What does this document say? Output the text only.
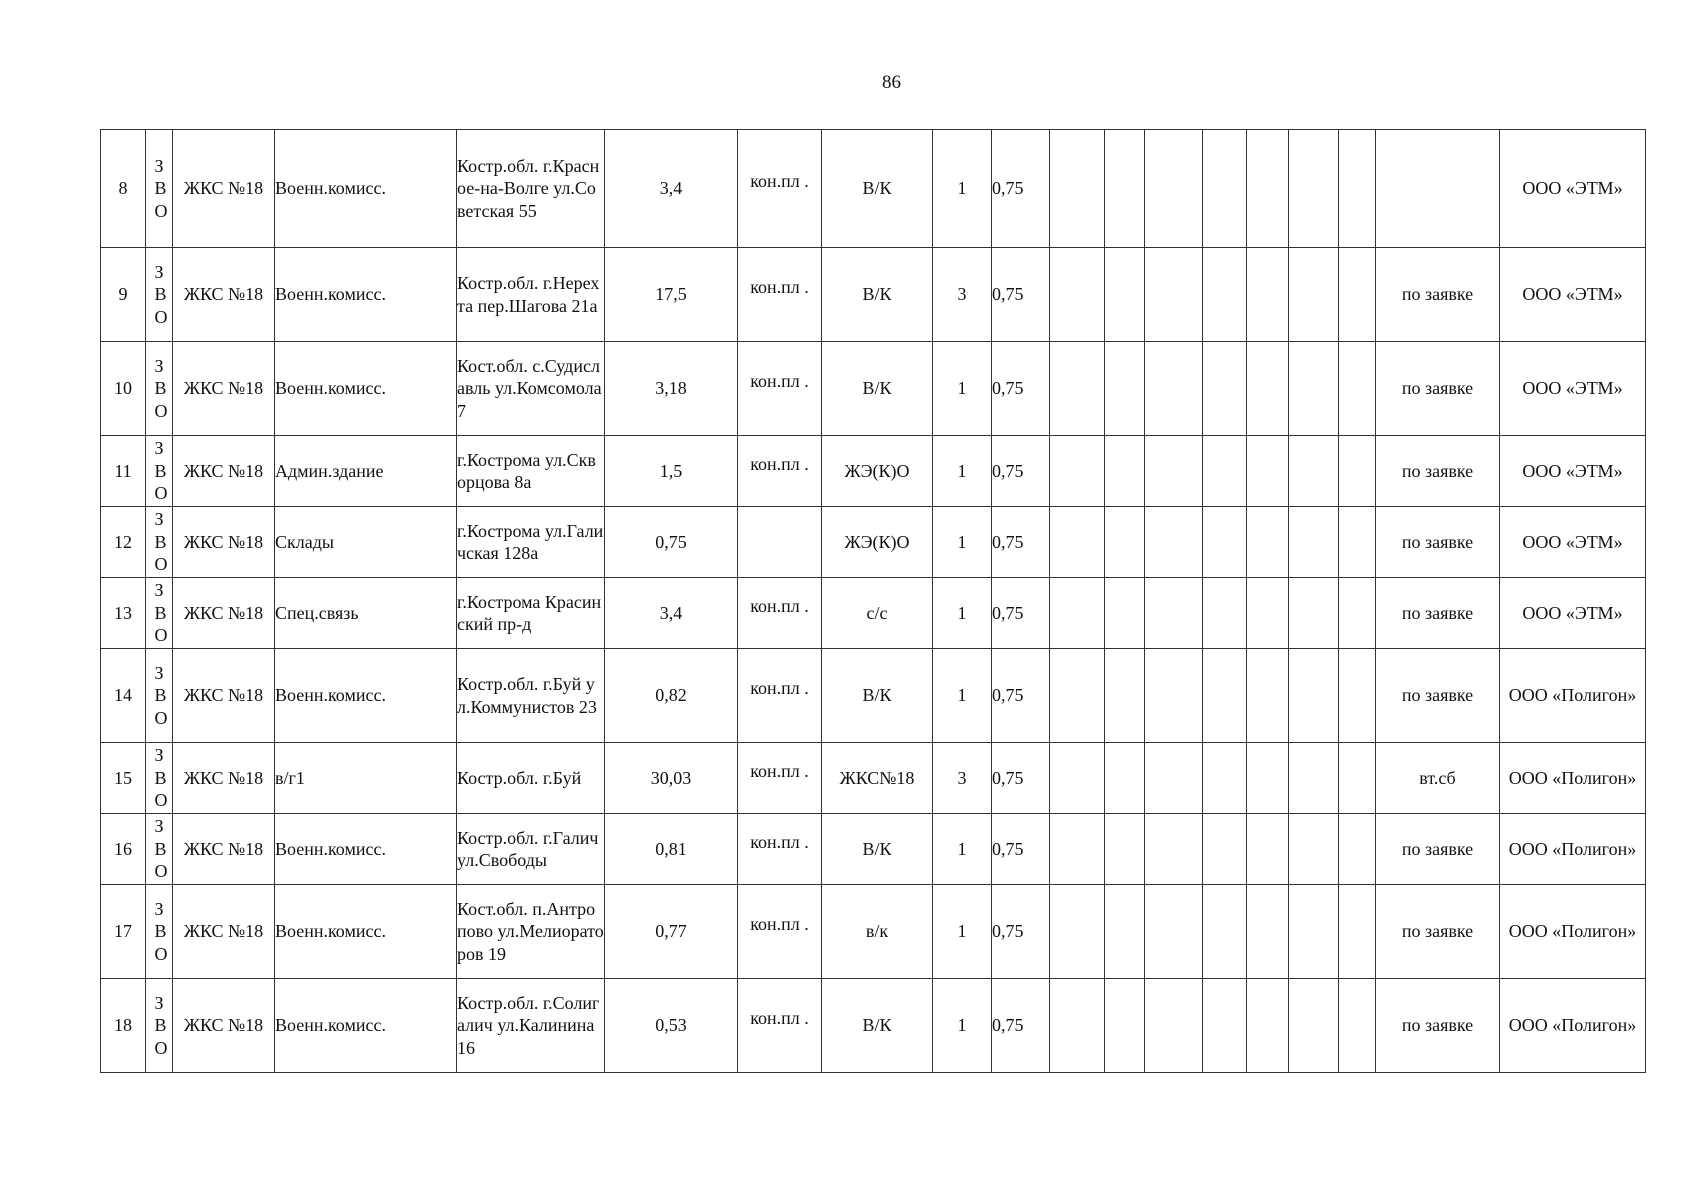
86
8	ЗВО	ЖКС №18	Военн.комисс.	Костр.обл. г.Красное-на-Волге ул.Советская 55	3,4	кон.пл .	В/К	1	0,75									ООО «ЭТМ»
9	ЗВО	ЖКС №18	Военн.комисс.	Костр.обл. г.Нерехта пер.Шагова 21а	17,5	кон.пл .	В/К	3	0,75								по заявке	ООО «ЭТМ»
10	ЗВО	ЖКС №18	Военн.комисс.	Кост.обл. с.Судиславль ул.Комсомола 7	3,18	кон.пл .	В/К	1	0,75								по заявке	ООО «ЭТМ»
11	ЗВО	ЖКС №18	Админ.здание	г.Кострома ул.Скворцова 8а	1,5	кон.пл .	ЖЭ(К)О	1	0,75								по заявке	ООО «ЭТМ»
12	ЗВО	ЖКС №18	Склады	г.Кострома ул.Галичская 128а	0,75		ЖЭ(К)О	1	0,75								по заявке	ООО «ЭТМ»
13	ЗВО	ЖКС №18	Спец.связь	г.Кострома Красинский пр-д	3,4	кон.пл .	с/с	1	0,75								по заявке	ООО «ЭТМ»
14	ЗВО	ЖКС №18	Военн.комисс.	Костр.обл. г.Буй ул.Коммунистов 23	0,82	кон.пл .	В/К	1	0,75								по заявке	ООО «Полигон»
15	ЗВО	ЖКС №18	в/г1	Костр.обл. г.Буй	30,03	кон.пл .	ЖКС№18	3	0,75								вт.сб	ООО «Полигон»
16	ЗВО	ЖКС №18	Военн.комисс.	Костр.обл. г.Галич ул.Свободы	0,81	кон.пл .	В/К	1	0,75								по заявке	ООО «Полигон»
17	ЗВО	ЖКС №18	Военн.комисс.	Кост.обл. п.Антропово ул.Мелиораторов 19	0,77	кон.пл .	в/к	1	0,75								по заявке	ООО «Полигон»
18	ЗВО	ЖКС №18	Военн.комисс.	Костр.обл. г.Солигалич ул.Калинина 16	0,53	кон.пл .	В/К	1	0,75								по заявке	ООО «Полигон»
